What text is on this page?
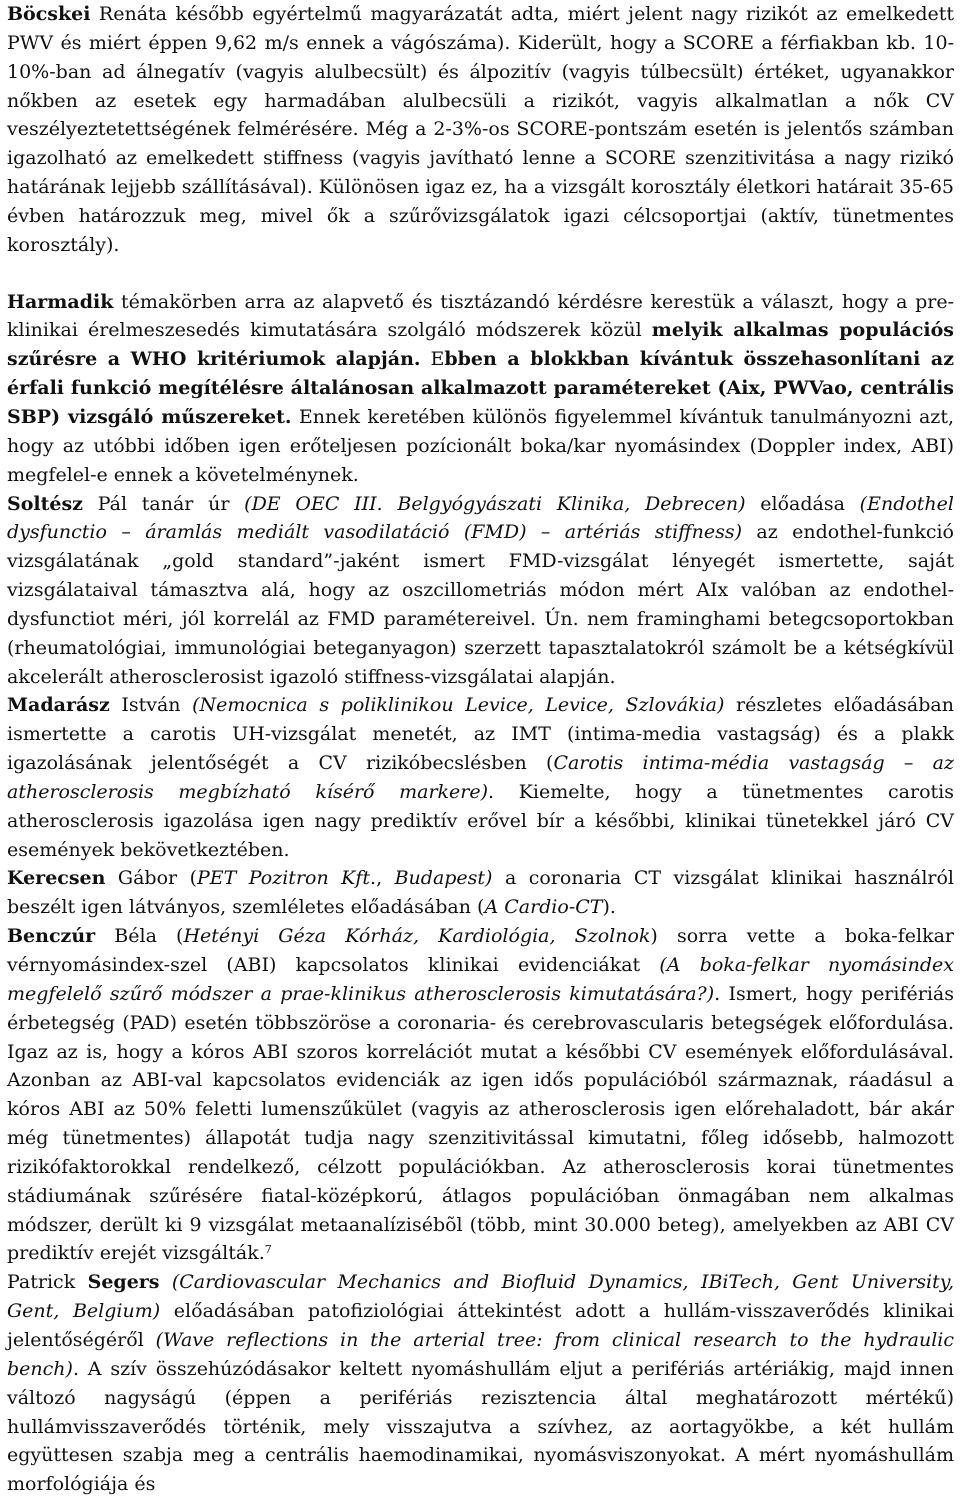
Böcskei Renáta később egyértelmű magyarázatát adta, miért jelent nagy rizikót az emelkedett PWV és miért éppen 9,62 m/s ennek a vágószáma). Kiderült, hogy a SCORE a férfiakban kb. 10-10%-ban ad álnegatív (vagyis alulbecsült) és álpozitív (vagyis túlbecsült) értéket, ugyanakkor nőkben az esetek egy harmadában alulbecsüli a rizikót, vagyis alkalmatlan a nők CV veszélyeztetettségének felmérésére. Még a 2-3%-os SCORE-pontszám esetén is jelentős számban igazolható az emelkedett stiffness (vagyis javítható lenne a SCORE szenzitivitása a nagy rizikó határának lejjebb szállításával). Különösen igaz ez, ha a vizsgált korosztály életkori határait 35-65 évben határozzuk meg, mivel ők a szűrővizsgálatok igazi célcsoportjai (aktív, tünetmentes korosztály).

Harmadik témakörben arra az alapvető és tisztázandó kérdésre kerestük a választ, hogy a pre-klinikai érelmeszesedés kimutatására szolgáló módszerek közül melyik alkalmas populációs szűrésre a WHO kritériumok alapján. Ebben a blokkban kívántuk összehasonlítani az érfali funkció megítélésre általánosan alkalmazott paramétereket (Aix, PWVao, centrális SBP) vizsgáló műszereket. Ennek keretében különös figyelemmel kívántuk tanulmányozni azt, hogy az utóbbi időben igen erőteljesen pozícionált boka/kar nyomásindex (Doppler index, ABI) megfelel-e ennek a követelménynek.

Soltész Pál tanár úr (DE OEC III. Belgyógyászati Klinika, Debrecen) előadása (Endothel dysfunctio – áramlás mediált vasodilatáció (FMD) – artériás stiffness) az endothel-funkció vizsgálatának „gold standard”-jaként ismert FMD-vizsgálat lényegét ismertette, saját vizsgálataival támasztva alá, hogy az oszcillometriás módon mért AIx valóban az endothel-dysfunctiot méri, jól korrelál az FMD paramétereivel. Ún. nem framinghami betegcsoportokban (rheumatológiai, immunológiai beteganyagon) szerzett tapasztalatokról számolt be a kétségkívül akcelerált atherosclerosist igazoló stiffness-vizsgálatai alapján.

Madarász István (Nemocnica s poliklinikou Levice, Levice, Szlovákia) részletes előadásában ismertette a carotis UH-vizsgálat menetét, az IMT (intima-media vastagság) és a plakk igazolásának jelentőségét a CV rizikóbecslésben (Carotis intima-média vastagság – az atherosclerosis megbízható kísérő markere). Kiemelte, hogy a tünetmentes carotis atherosclerosis igazolása igen nagy prediktív erővel bír a későbbi, klinikai tünetekkel járó CV események bekövetkeztében.

Kerecsen Gábor (PET Pozitron Kft., Budapest) a coronaria CT vizsgálat klinikai használról beszélt igen látványos, szemléletes előadásában (A Cardio-CT).

Benczúr Béla (Hetényi Géza Kórház, Kardiológia, Szolnok) sorra vette a boka-felkar vérnyomásindex-szel (ABI) kapcsolatos klinikai evidenciákat (A boka-felkar nyomásindex megfelelő szűrő módszer a prae-klinikus atherosclerosis kimutatására?). Ismert, hogy perifériás érbetegség (PAD) esetén többszöröse a coronaria- és cerebrovascularis betegségek előfordulása. Igaz az is, hogy a kóros ABI szoros korrelációt mutat a későbbi CV események előfordulásával. Azonban az ABI-val kapcsolatos evidenciák az igen idős populációból származnak, ráadásul a kóros ABI az 50% feletti lumenszűkület (vagyis az atherosclerosis igen előrehaladott, bár akár még tünetmentes) állapotát tudja nagy szenzitivitással kimutatni, főleg idősebb, halmozott rizikófaktorokkal rendelkező, célzott populációkban. Az atherosclerosis korai tünetmentes stádiumának szűrésére fiatal-középkorú, átlagos populációban önmagában nem alkalmas módszer, derült ki 9 vizsgálat metaanalízisébõl (több, mint 30.000 beteg), amelyekben az ABI CV prediktív erejét vizsgálták.$^7$

Patrick Segers (Cardiovascular Mechanics and Biofluid Dynamics, IBiTech, Gent University, Gent, Belgium) előadásában patofiziológiai áttekintést adott a hullám-visszaverődés klinikai jelentőségéről (Wave reflections in the arterial tree: from clinical research to the hydraulic bench). A szív összehúzódásakor keltett nyomáshullám eljut a perifériás artériákig, majd innen változó nagyságú (éppen a perifériás rezisztencia által meghatározott mértékű) hullámvisszaverődés történik, mely visszajutva a szívhez, az aortagyökbe, a két hullám együttesen szabja meg a centrális haemodinamikai, nyomásviszonyokat. A mért nyomáshullám morfológiája és
